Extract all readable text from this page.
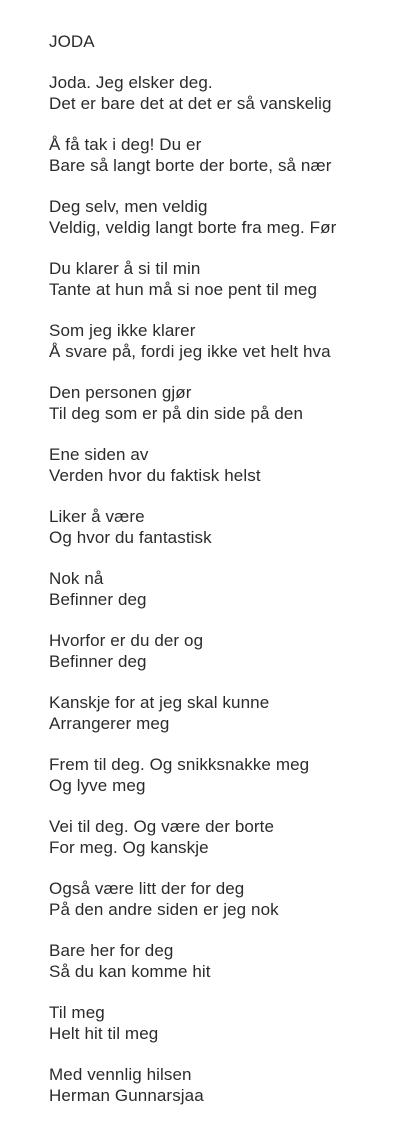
JODA
Joda. Jeg elsker deg.
Det er bare det at det er så vanskelig
Å få tak i deg! Du er
Bare så langt borte der borte, så nær
Deg selv, men veldig
Veldig, veldig langt borte fra meg. Før
Du klarer å si til min
Tante at hun må si noe pent til meg
Som jeg ikke klarer
Å svare på, fordi jeg ikke vet helt hva
Den personen gjør
Til deg som er på din side på den
Ene siden av
Verden hvor du faktisk helst
Liker å være
Og hvor du fantastisk
Nok nå
Befinner deg
Hvorfor er du der og
Befinner deg
Kanskje for at jeg skal kunne
Arrangerer meg
Frem til deg. Og snikksnakke meg
Og lyve meg
Vei til deg. Og være der borte
For meg. Og kanskje
Også være litt der for deg
På den andre siden er jeg nok
Bare her for deg
Så du kan komme hit
Til meg
Helt hit til meg
Med vennlig hilsen
Herman Gunnarsjaa
